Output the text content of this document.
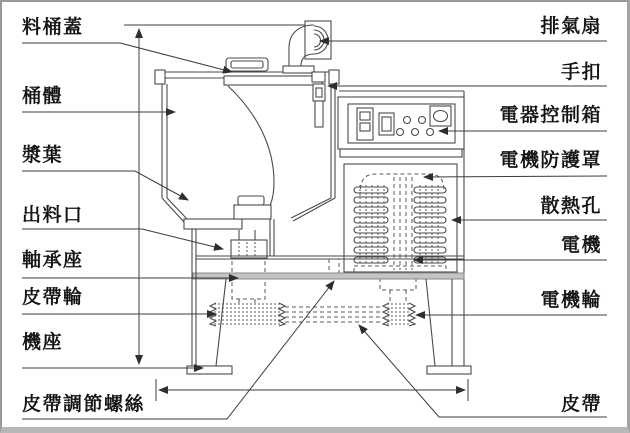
料桶蓋
桶體
漿葉
出料口
軸承座
皮帶輪
機座
皮帶調節螺絲
排氣扇
手扣
電器控制箱
電機防護罩
散熱孔
電機
電機輪
皮帶
